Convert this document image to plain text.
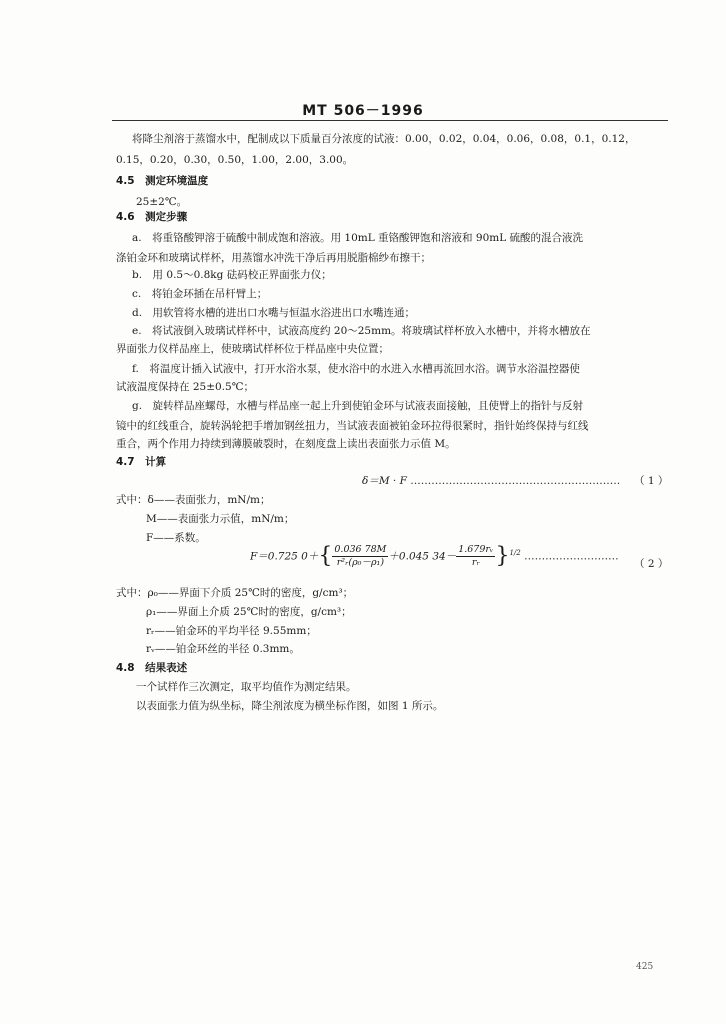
MT 506－1996
将降尘剂溶于蒸馏水中，配制成以下质量百分浓度的试液：0.00，0.02，0.04，0.06，0.08，0.1，0.12，
0.15，0.20，0.30，0.50，1.00，2.00，3.00。
4.5　测定环境温度
25±2℃。
4.6　测定步骤
a.　将重铬酸钾溶于硫酸中制成饱和溶液。用 10mL 重铬酸钾饱和溶液和 90mL 硫酸的混合液洗
涤铂金环和玻璃试样杯，用蒸馏水冲洗干净后再用脱脂棉纱布擦干；
b.　用 0.5～0.8kg 砝码校正界面张力仪；
c.　将铂金环插在吊杆臂上；
d.　用软管将水槽的进出口水嘴与恒温水浴进出口水嘴连通；
e.　将试液倒入玻璃试样杯中，试液高度约 20～25mm。将玻璃试样杯放入水槽中，并将水槽放在
界面张力仪样品座上，使玻璃试样杯位于样品座中央位置；
f.　将温度计插入试液中，打开水浴水泵，使水浴中的水进入水槽再流回水浴。调节水浴温控器使
试液温度保持在 25±0.5℃；
g.　旋转样品座螺母，水槽与样品座一起上升到使铂金环与试液表面接触，且使臂上的指针与反射
镜中的红线重合，旋转涡轮把手增加钢丝扭力，当试液表面被铂金环拉得很紧时，指针始终保持与红线
重合，两个作用力持续到薄膜破裂时，在刻度盘上读出表面张力示值 M。
4.7　计算
δ＝M · F …………………………………………………… （ 1 ）
式中：δ——表面张力，mN/m；
M——表面张力示值，mN/m；
F——系数。
F＝0.725 $0+\{ \frac{0.036 78M}{\text{r²ᵣ(ρ₀－ρ₁)}} +0.045$ $34- \frac{\text{1.679rᵥ}}{\text{rᵣ}} \}^{1/2}$ ………………………
（ 2 ）
式中：ρ₀——界面下介质 25℃时的密度，g/cm³；
ρ₁——界面上介质 25℃时的密度，g/cm³；
rᵣ——铂金环的平均半径 9.55mm；
rᵥ——铂金环丝的半径 0.3mm。
4.8　结果表述
一个试样作三次测定，取平均值作为测定结果。
以表面张力值为纵坐标，降尘剂浓度为横坐标作图，如图 1 所示。
425
